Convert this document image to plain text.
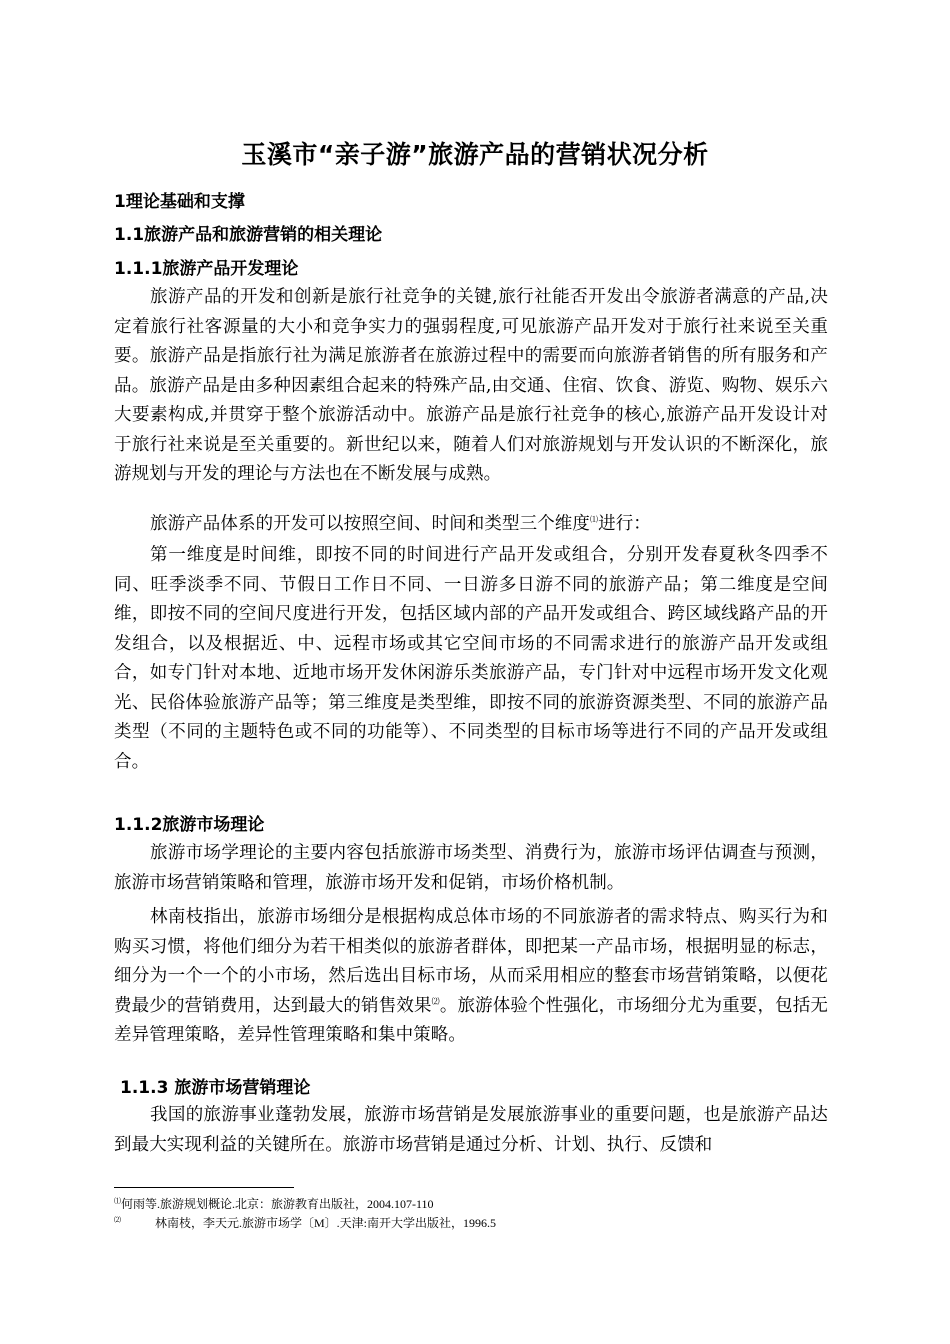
玉溪市“亲子游”旅游产品的营销状况分析
1理论基础和支撑
1.1旅游产品和旅游营销的相关理论
1.1.1旅游产品开发理论

旅游产品的开发和创新是旅行社竞争的关键,旅行社能否开发出令旅游者满意的产品,决定着旅行社客源量的大小和竞争实力的强弱程度,可见旅游产品开发对于旅行社来说至关重要。旅游产品是指旅行社为满足旅游者在旅游过程中的需要而向旅游者销售的所有服务和产品。旅游产品是由多种因素组合起来的特殊产品,由交通、住宿、饮食、游览、购物、娱乐六大要素构成,并贯穿于整个旅游活动中。旅游产品是旅行社竞争的核心,旅游产品开发设计对于旅行社来说是至关重要的。新世纪以来，随着人们对旅游规划与开发认识的不断深化，旅游规划与开发的理论与方法也在不断发展与成熟。

旅游产品体系的开发可以按照空间、时间和类型三个维度⑴进行：

第一维度是时间维，即按不同的时间进行产品开发或组合，分别开发春夏秋冬四季不同、旺季淡季不同、节假日工作日不同、一日游多日游不同的旅游产品；第二维度是空间维，即按不同的空间尺度进行开发，包括区域内部的产品开发或组合、跨区域线路产品的开发组合，以及根据近、中、远程市场或其它空间市场的不同需求进行的旅游产品开发或组合，如专门针对本地、近地市场开发休闲游乐类旅游产品，专门针对中远程市场开发文化观光、民俗体验旅游产品等；第三维度是类型维，即按不同的旅游资源类型、不同的旅游产品类型（不同的主题特色或不同的功能等）、不同类型的目标市场等进行不同的产品开发或组合。

1.1.2旅游市场理论

旅游市场学理论的主要内容包括旅游市场类型、消费行为，旅游市场评估调查与预测，旅游市场营销策略和管理，旅游市场开发和促销，市场价格机制。

林南枝指出，旅游市场细分是根据构成总体市场的不同旅游者的需求特点、购买行为和购买习惯，将他们细分为若干相类似的旅游者群体，即把某一产品市场，根据明显的标志，细分为一个一个的小市场，然后选出目标市场，从而采用相应的整套市场营销策略，以便花费最少的营销费用，达到最大的销售效果⑵。旅游体验个性强化，市场细分尤为重要，包括无差异管理策略，差异性管理策略和集中策略。

1.1.3 旅游市场营销理论

我国的旅游事业蓬勃发展，旅游市场营销是发展旅游事业的重要问题，也是旅游产品达到最大实现利益的关键所在。旅游市场营销是通过分析、计划、执行、反馈和

⑴何雨等.旅游规划概论.北京：旅游教育出版社，2004.107-110
⑵	林南枝，李天元.旅游市场学〔M〕.天津:南开大学出版社，1996.5
